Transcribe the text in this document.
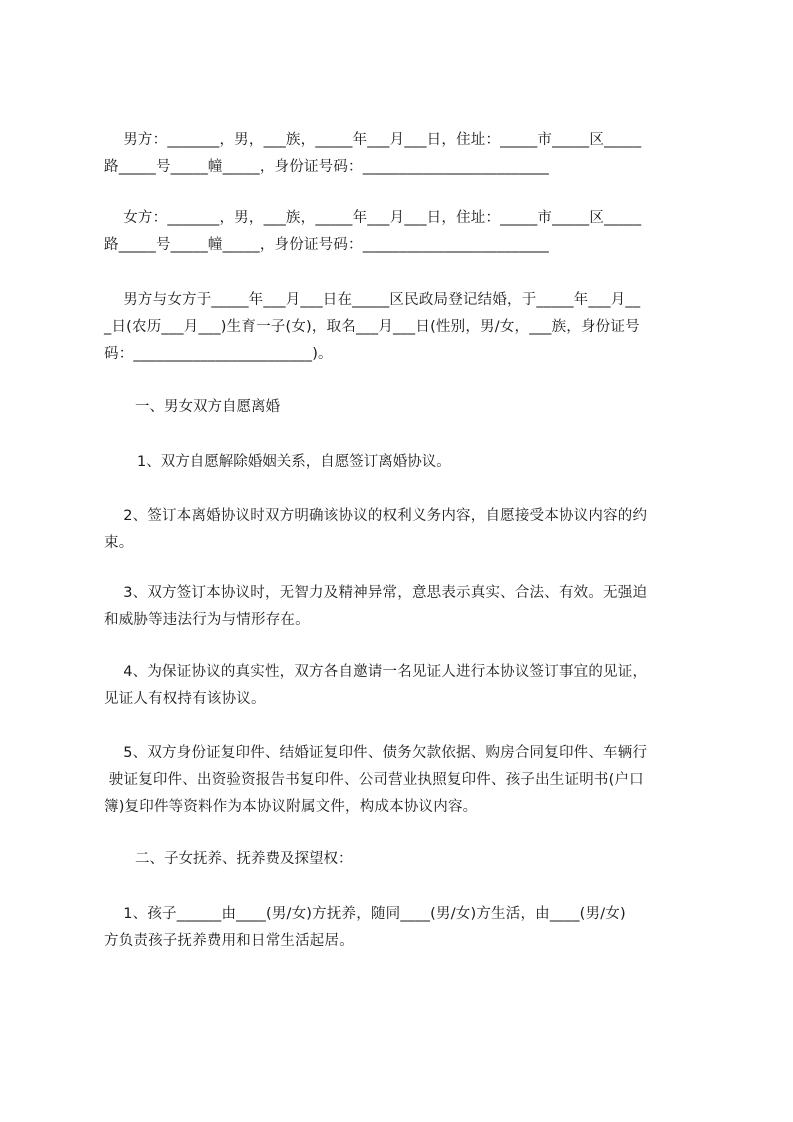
男方：_______，男，___族，_____年___月___日，住址：_____市_____区_____
路_____号_____幢_____，身份证号码：_________________________
女方：_______，男，___族，_____年___月___日，住址：_____市_____区_____
路_____号_____幢_____，身份证号码：_________________________
男方与女方于_____年___月___日在_____区民政局登记结婚，于_____年___月__
_日(农历___月___)生育一子(女)，取名___月___日(性别，男/女，___族，身份证号
码：________________________)。
一、男女双方自愿离婚
1、双方自愿解除婚姻关系，自愿签订离婚协议。
2、签订本离婚协议时双方明确该协议的权利义务内容，自愿接受本协议内容的约
束。
3、双方签订本协议时，无智力及精神异常，意思表示真实、合法、有效。无强迫
和威胁等违法行为与情形存在。
4、为保证协议的真实性，双方各自邀请一名见证人进行本协议签订事宜的见证，
见证人有权持有该协议。
5、双方身份证复印件、结婚证复印件、债务欠款依据、购房合同复印件、车辆行
驶证复印件、出资验资报告书复印件、公司营业执照复印件、孩子出生证明书(户口
簿)复印件等资料作为本协议附属文件，构成本协议内容。
二、子女抚养、抚养费及探望权：
1、孩子______由____(男/女)方抚养，随同____(男/女)方生活，由____(男/女)
方负责孩子抚养费用和日常生活起居。
